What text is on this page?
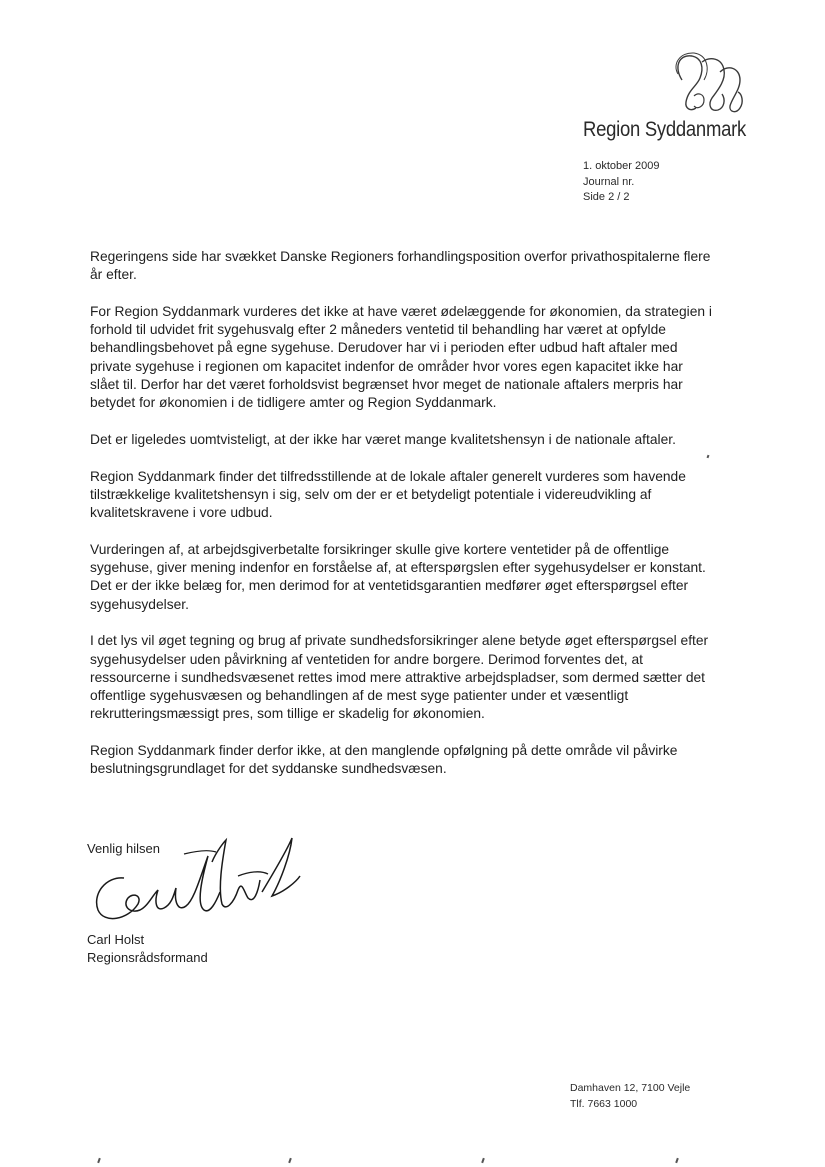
Region Syddanmark
1. oktober 2009
Journal nr.
Side 2 / 2

Regeringens side har svækket Danske Regioners forhandlingsposition overfor privathospitalerne flere år efter.

For Region Syddanmark vurderes det ikke at have været ødelæggende for økonomien, da strategien i forhold til udvidet frit sygehusvalg efter 2 måneders ventetid til behandling har været at opfylde behandlingsbehovet på egne sygehuse. Derudover har vi i perioden efter udbud haft aftaler med private sygehuse i regionen om kapacitet indenfor de områder hvor vores egen kapacitet ikke har slået til. Derfor har det været forholdsvist begrænset hvor meget de nationale aftalers merpris har betydet for økonomien i de tidligere amter og Region Syddanmark.

Det er ligeledes uomtvisteligt, at der ikke har været mange kvalitetshensyn i de nationale aftaler.

Region Syddanmark finder det tilfredsstillende at de lokale aftaler generelt vurderes som havende tilstrækkelige kvalitetshensyn i sig, selv om der er et betydeligt potentiale i videreudvikling af kvalitetskravene i vore udbud.

Vurderingen af, at arbejdsgiverbetalte forsikringer skulle give kortere ventetider på de offentlige sygehuse, giver mening indenfor en forståelse af, at efterspørgslen efter sygehusydelser er konstant. Det er der ikke belæg for, men derimod for at ventetidsgarantien medfører øget efterspørgsel efter sygehusydelser.

I det lys vil øget tegning og brug af private sundhedsforsikringer alene betyde øget efterspørgsel efter sygehusydelser uden påvirkning af ventetiden for andre borgere. Derimod forventes det, at ressourcerne i sundhedsvæsenet rettes imod mere attraktive arbejdspladser, som dermed sætter det offentlige sygehusvæsen og behandlingen af de mest syge patienter under et væsentligt rekrutteringsmæssigt pres, som tillige er skadelig for økonomien.

Region Syddanmark finder derfor ikke, at den manglende opfølgning på dette område vil påvirke beslutningsgrundlaget for det syddanske sundhedsvæsen.

Venlig hilsen
Carl Holst
Regionsrådsformand
Damhaven 12, 7100 Vejle
Tlf. 7663 1000
